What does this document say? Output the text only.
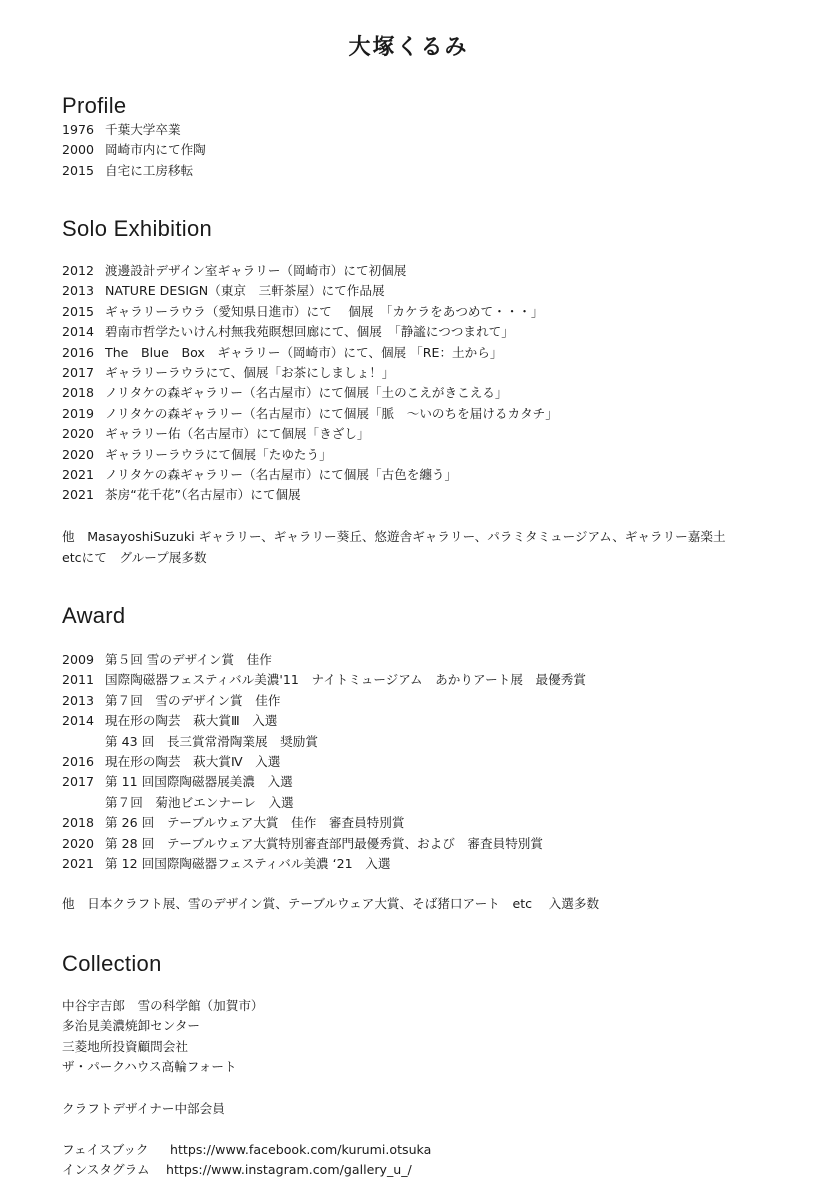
大塚くるみ
Profile
1976 千葉大学卒業
2000 岡崎市内にて作陶
2015 自宅に工房移転
Solo Exhibition
2012 渡邊設計デザイン室ギャラリー（岡崎市）にて初個展
2013 NATURE DESIGN（東京　三軒茶屋）にて作品展
2015 ギャラリーラウラ（愛知県日進市）にて　 個展　「カケラをあつめて・・・」
2014 碧南市哲学たいけん村無我苑瞑想回廊にて、個展　「静謐につつまれて」
2016 The　Blue　Box　ギャラリー（岡崎市）にて、個展 「RE：土から」
2017 ギャラリーラウラにて、個展「お茶にしましょ！」
2018 ノリタケの森ギャラリー（名古屋市）にて個展「土のこえがきこえる」
2019 ノリタケの森ギャラリー（名古屋市）にて個展「脈　～いのちを届けるカタチ」
2020 ギャラリー佑（名古屋市）にて個展「きざし」
2020 ギャラリーラウラにて個展「たゆたう」
2021 ノリタケの森ギャラリー（名古屋市）にて個展「古色を纏う」
2021 茶房“花千花”（名古屋市）にて個展
他　MasayoshiSuzuki ギャラリー、ギャラリー葵丘、悠遊舎ギャラリー、パラミタミュージアム、ギャラリー嘉楽土
etcにて　グループ展多数
Award
2009 第５回 雪のデザイン賞　佳作
2011 国際陶磁器フェスティバル美濃'11　ナイトミュージアム　あかりアート展　最優秀賞
2013 第７回　雪のデザイン賞　佳作
2014 現在形の陶芸　萩大賞Ⅲ　入選
第 43 回　長三賞常滑陶業展　奨励賞
2016 現在形の陶芸　萩大賞Ⅳ　入選
2017 第 11 回国際陶磁器展美濃　入選
第７回　菊池ビエンナーレ　入選
2018 第 26 回　テーブルウェア大賞　佳作　審査員特別賞
2020 第 28 回　テーブルウェア大賞特別審査部門最優秀賞、および　審査員特別賞
2021 第 12 回国際陶磁器フェスティバル美濃 ‘21　入選
他　日本クラフト展、雪のデザイン賞、テーブルウェア大賞、そば猪口アート　etc　 入選多数
Collection
中谷宇吉郎　雪の科学館（加賀市）
多治見美濃焼卸センター
三菱地所投資顧問会社
ザ・パークハウス高輪フォート
クラフトデザイナー中部会員
フェイスブック https://www.facebook.com/kurumi.otsuka
インスタグラム https://www.instagram.com/gallery_u_/
